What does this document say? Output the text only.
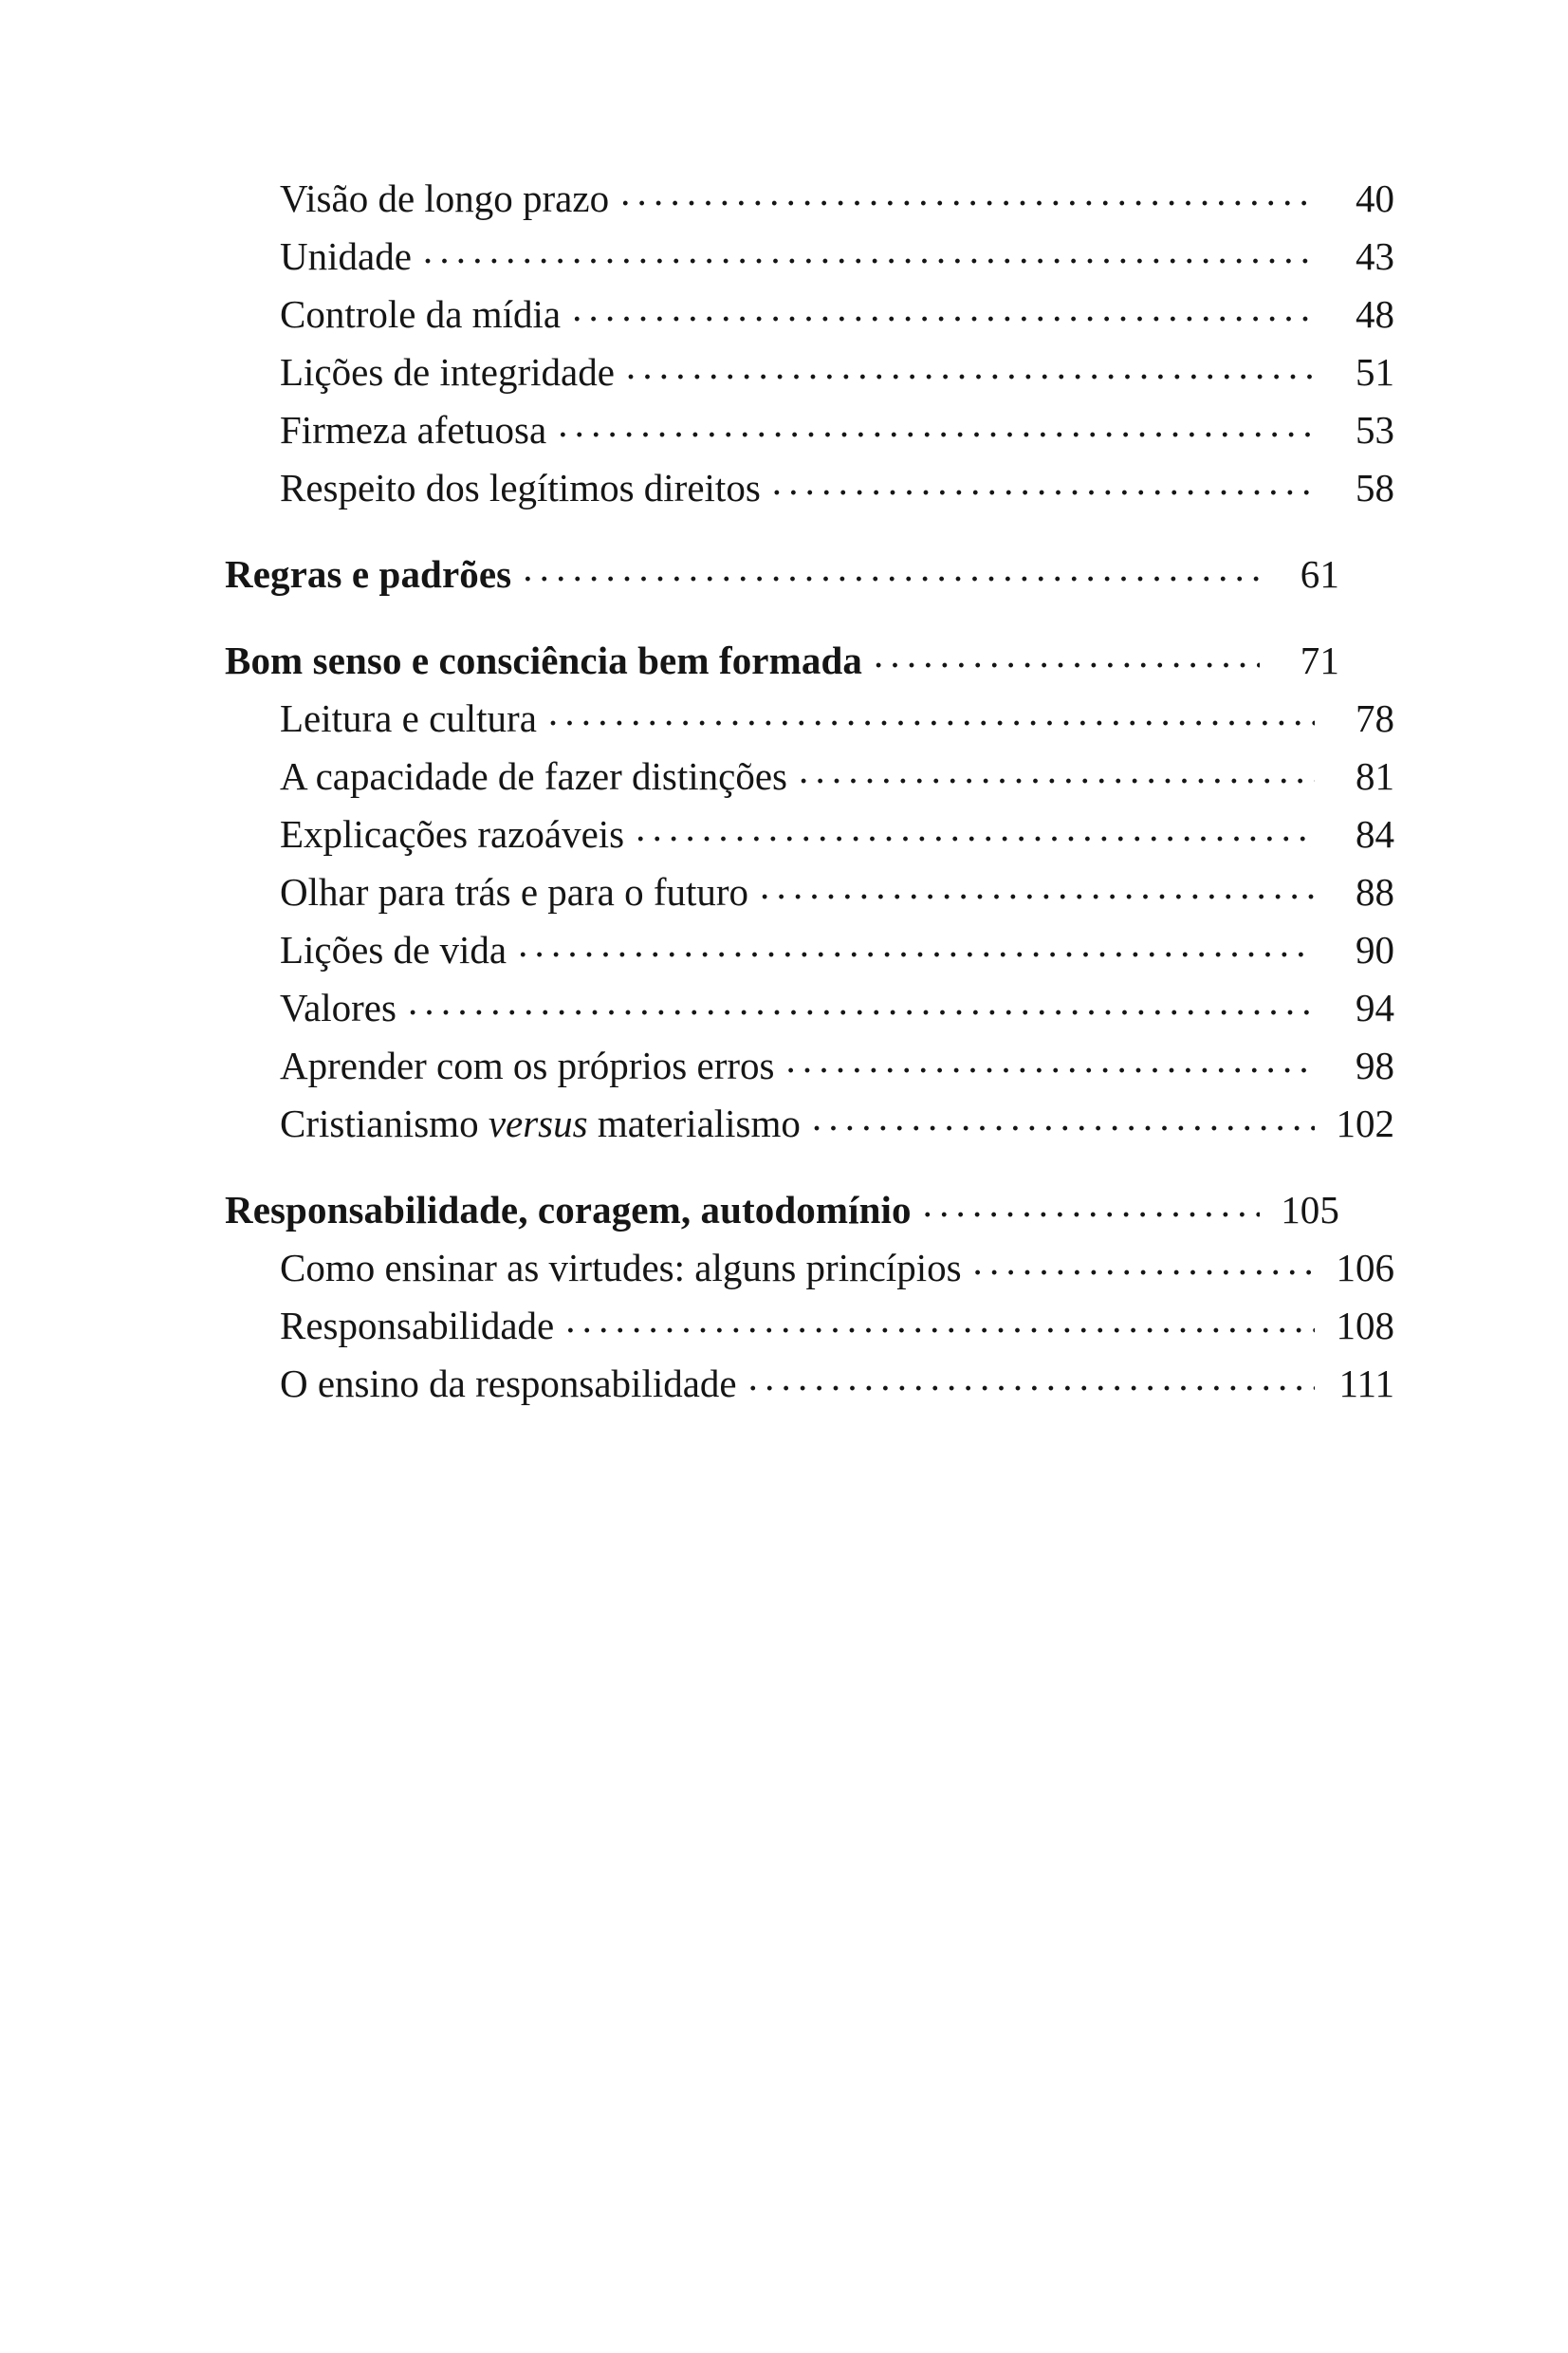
Visão de longo prazo .....	40
Unidade .....	43
Controle da mídia .....	48
Lições de integridade .....	51
Firmeza afetuosa .....	53
Respeito dos legítimos direitos .....	58
Regras e padrões .....	61
Bom senso e consciência bem formada .....	71
Leitura e cultura .....	78
A capacidade de fazer distinções .....	81
Explicações razoáveis .....	84
Olhar para trás e para o futuro .....	88
Lições de vida .....	90
Valores .....	94
Aprender com os próprios erros .....	98
Cristianismo versus materialismo .....	102
Responsabilidade, coragem, autodomínio .....	105
Como ensinar as virtudes: alguns princípios .....	106
Responsabilidade .....	108
O ensino da responsabilidade .....	111
